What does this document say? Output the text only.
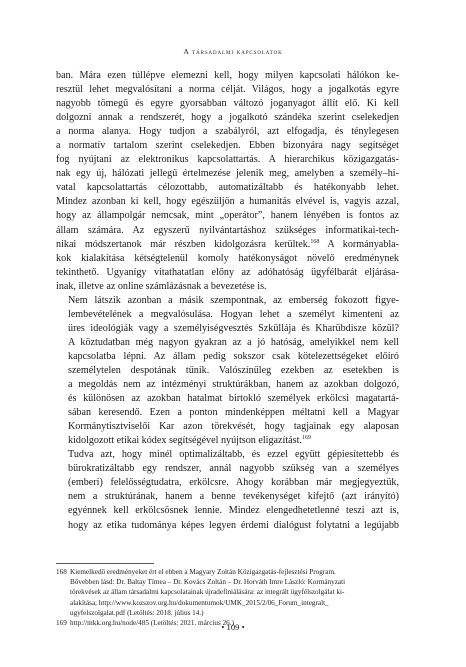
A társadalmi kapcsolatok

ban. Mára ezen túllépve elemezni kell, hogy milyen kapcsolati hálókon ke-
resztül lehet megvalósítani a norma célját. Világos, hogy a jogalkotás egyre
nagyobb tömegű és egyre gyorsabban változó joganyagot állít elő. Ki kell
dolgozni annak a rendszerét, hogy a jogalkotó szándéka szerint cselekedjen
a norma alanya. Hogy tudjon a szabályról, azt elfogadja, és ténylegesen
a normatív tartalom szerint cselekedjen. Ebben bizonyára nagy segítséget
fog nyújtani az elektronikus kapcsolattartás. A hierarchikus közigazgatás-
nak egy új, hálózati jellegű értelmezése jelenik meg, amelyben a személy–hi-
vatal kapcsolattartás célozottabb, automatizáltabb és hatékonyabb lehet.
Mindez azonban ki kell, hogy egészüljön a humanitás elvével is, vagyis azzal,
hogy az állampolgár nemcsak, mint „operátor”, hanem lényében is fontos az
állam számára. Az egyszerű nyilvántartáshoz szükséges informatikai-tech-
nikai módszertanok már részben kidolgozásra kerültek.$^{168}$ A kormányabla-
kok kialakítása kétségtelenül komoly hatékonyságot növelő eredménynek
tekinthető. Ugyanígy vitathatatlan előny az adóhatóság ügyfélbarát eljárása-
inak, illetve az online számlázásnak a bevezetése is.

Nem látszik azonban a másik szempontnak, az emberség fokozott figye-
lembevételének a megvalósulása. Hogyan lehet a személyt kimenteni az
üres ideológiák vagy a személyiségvesztés Szküllája és Kharübdisze közül?
A köztudatban még nagyon gyakran az a jó hatóság, amelyikkel nem kell
kapcsolatba lépni. Az állam pedig sokszor csak kötelezettségeket előíró
személytelen despotának tűnik. Valószínűleg ezekben az esetekben is
a megoldás nem az intézményi struktúrákban, hanem az azokban dolgozó,
és különösen az azokban hatalmat birtokló személyek erkölcsi magatartá-
sában keresendő. Ezen a ponton mindenképpen méltatni kell a Magyar
Kormánytisztviselői Kar azon törekvését, hogy tagjainak egy alaposan
kidolgozott etikai kódex segítségével nyújtson eligazítást.$^{169}$

Tudva azt, hogy minél optimalizáltabb, és ezzel együtt gépiesítettebb és
bürokratizáltabb egy rendszer, annál nagyobb szükség van a személyes
(emberi) felelősségtudatra, erkölcsre. Ahogy korábban már megjegyeztük,
nem a struktúrának, hanem a benne tevékenységet kifejtő (azt irányító)
egyénnek kell erkölcsösnek lennie. Mindez elengedhetetlenné teszi azt is,
hogy az etika tudománya képes legyen érdemi dialógust folytatni a legújabb

168 Kiemelkedő eredményeket ért el ebben a Magyary Zoltán Közigazgatás-fejlesztési Program.
Bővebben lásd: Dr. Baltay Tímea – Dr. Kovács Zoltán – Dr. Horváth Imre László: Kormányzati
törekvések az állam társadalmi kapcsolatainak újradefiniálására: az integrált ügyfélszolgálat ki-
alakítása, http://www.kozszov.org.hu/dokumentumok/UMK_2015/2/06_Forum_integralt_
ugyfelszolgalat.pdf (Letöltés: 2018. július 14.)
169 http://mkk.org.hu/node/485 (Letöltés: 2021. március 26.)
• 109 •
